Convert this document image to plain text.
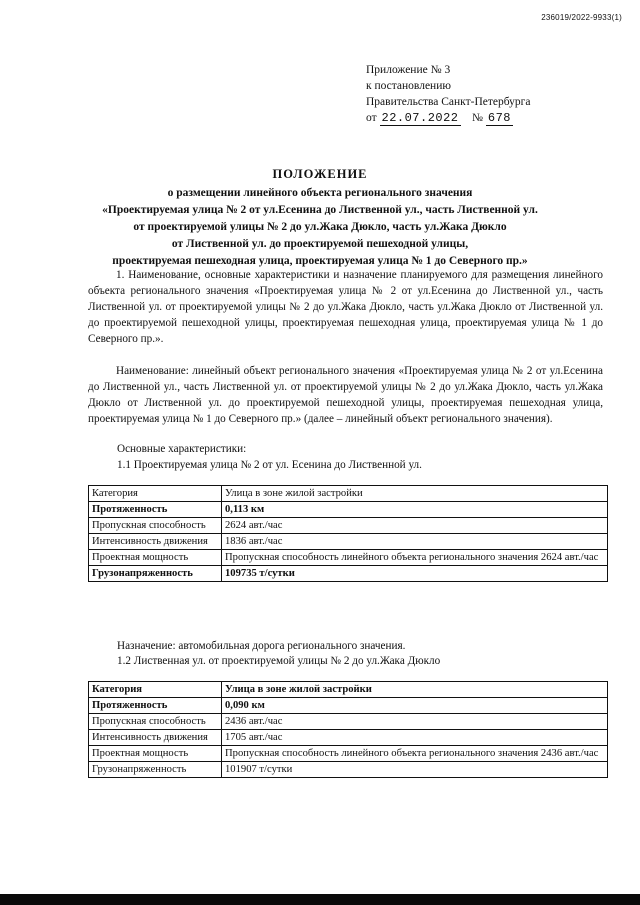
236019/2022-9933(1)
Приложение № 3
к постановлению
Правительства Санкт-Петербурга
от 22.07.2022 № 678
ПОЛОЖЕНИЕ
о размещении линейного объекта регионального значения
«Проектируемая улица № 2 от ул.Есенина до Лиственной ул., часть Лиственной ул.
от проектируемой улицы № 2 до ул.Жака Дюкло, часть ул.Жака Дюкло
от Лиственной ул. до проектируемой пешеходной улицы,
проектируемая пешеходная улица, проектируемая улица № 1 до Северного пр.»
1. Наименование, основные характеристики и назначение планируемого для размещения линейного объекта регионального значения «Проектируемая улица № 2 от ул.Есенина до Лиственной ул., часть Лиственной ул. от проектируемой улицы № 2 до ул.Жака Дюкло, часть ул.Жака Дюкло от Лиственной ул. до проектируемой пешеходной улицы, проектируемая пешеходная улица, проектируемая улица № 1 до Северного пр.».
Наименование: линейный объект регионального значения «Проектируемая улица № 2 от ул.Есенина до Лиственной ул., часть Лиственной ул. от проектируемой улицы № 2 до ул.Жака Дюкло, часть ул.Жака Дюкло от Лиственной ул. до проектируемой пешеходной улицы, проектируемая пешеходная улица, проектируемая улица № 1 до Северного пр.» (далее – линейный объект регионального значения).
Основные характеристики:
1.1 Проектируемая улица № 2 от ул. Есенина до Лиственной ул.
Категория	Улица в зоне жилой застройки
Протяженность	0,113 км
Пропускная способность	2624 авт./час
Интенсивность движения	1836 авт./час
Проектная мощность	Пропускная способность линейного объекта регионального значения 2624 авт./час
Грузонапряженность	109735 т/сутки
Назначение: автомобильная дорога регионального значения.
1.2 Лиственная ул. от проектируемой улицы № 2 до ул.Жака Дюкло
Категория	Улица в зоне жилой застройки
Протяженность	0,090 км
Пропускная способность	2436 авт./час
Интенсивность движения	1705 авт./час
Проектная мощность	Пропускная способность линейного объекта регионального значения 2436 авт./час
Грузонапряженность	101907 т/сутки
